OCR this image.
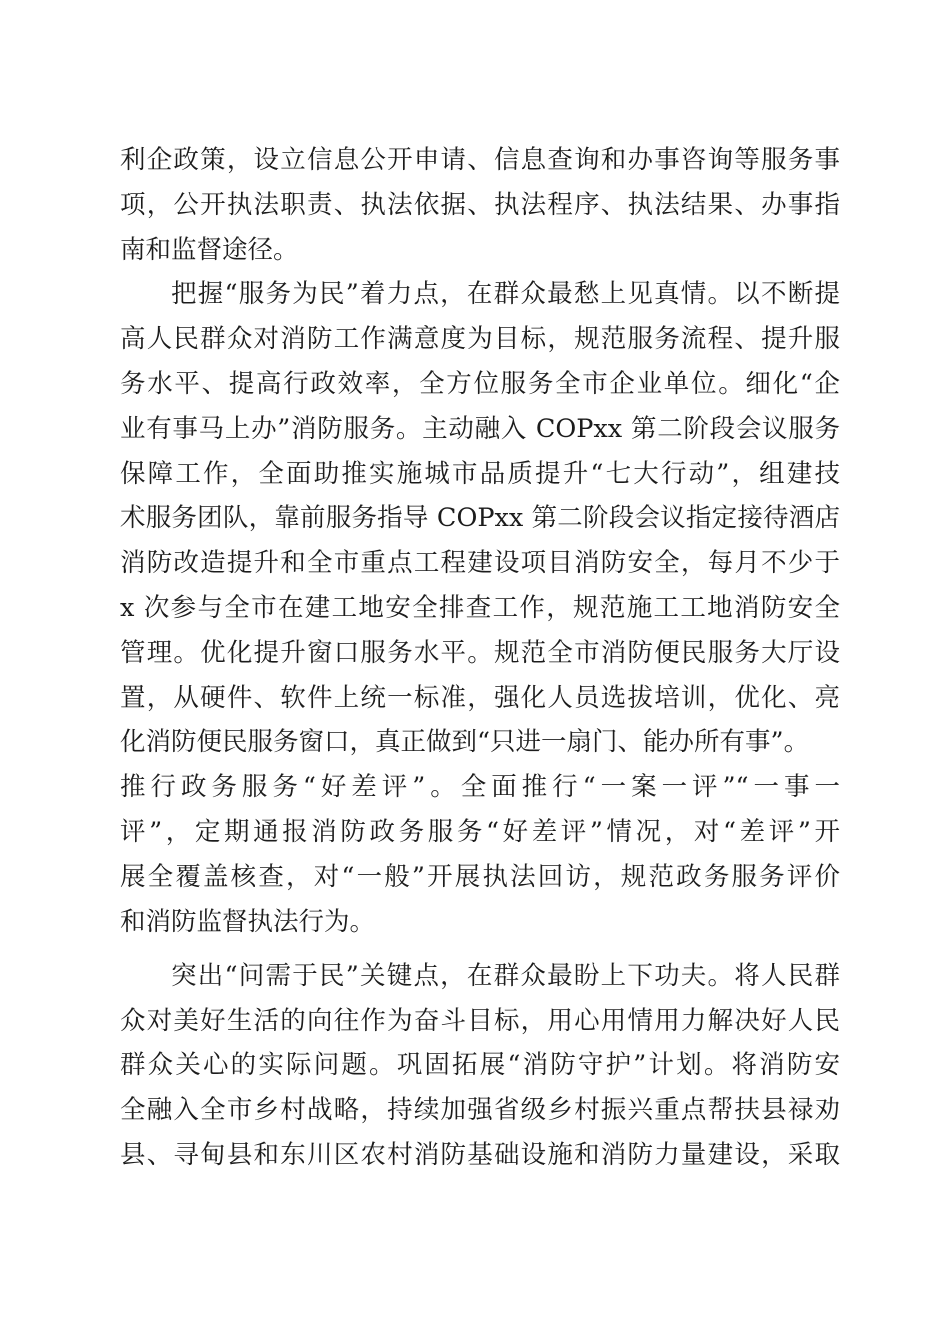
利企政策，设立信息公开申请、信息查询和办事咨询等服务事
项，公开执法职责、执法依据、执法程序、执法结果、办事指
南和监督途径。
把握“服务为民”着力点，在群众最愁上见真情。以不断提
高人民群众对消防工作满意度为目标，规范服务流程、提升服
务水平、提高行政效率，全方位服务全市企业单位。细化“企
业有事马上办”消防服务。主动融入 COPxx 第二阶段会议服务
保障工作，全面助推实施城市品质提升“七大行动”，组建技
术服务团队，靠前服务指导 COPxx 第二阶段会议指定接待酒店
消防改造提升和全市重点工程建设项目消防安全，每月不少于
x 次参与全市在建工地安全排查工作，规范施工工地消防安全
管理。优化提升窗口服务水平。规范全市消防便民服务大厅设
置，从硬件、软件上统一标准，强化人员选拔培训，优化、亮
化消防便民服务窗口，真正做到“只进一扇门、能办所有事”。
推行政务服务“好差评”。全面推行“一案一评”“一事一
评”，定期通报消防政务服务“好差评”情况，对“差评”开
展全覆盖核查，对“一般”开展执法回访，规范政务服务评价
和消防监督执法行为。
突出“问需于民”关键点，在群众最盼上下功夫。将人民群
众对美好生活的向往作为奋斗目标，用心用情用力解决好人民
群众关心的实际问题。巩固拓展“消防守护”计划。将消防安
全融入全市乡村战略，持续加强省级乡村振兴重点帮扶县禄劝
县、寻甸县和东川区农村消防基础设施和消防力量建设，采取
